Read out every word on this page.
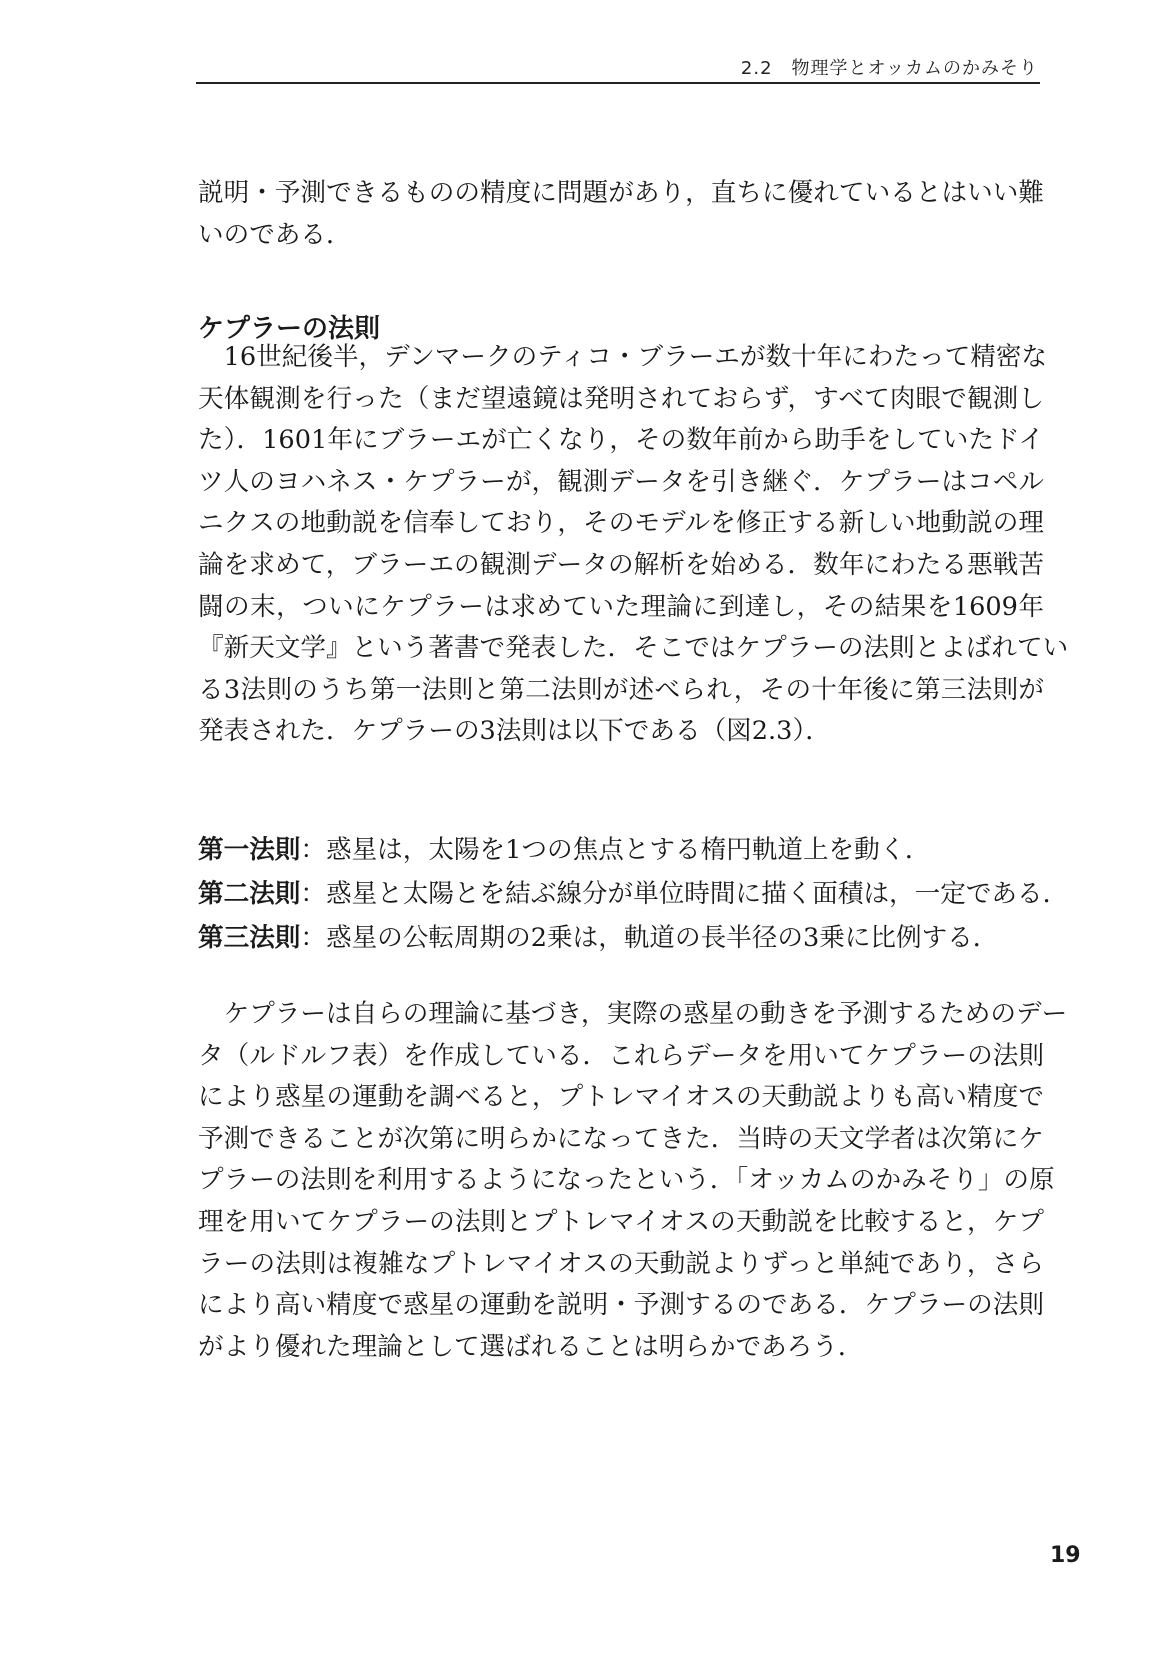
2.2　物理学とオッカムのかみそり

説明・予測できるものの精度に問題があり，直ちに優れているとはいい難
いのである．

ケプラーの法則

　16世紀後半，デンマークのティコ・ブラーエが数十年にわたって精密な
天体観測を行った（まだ望遠鏡は発明されておらず，すべて肉眼で観測し
た）．1601年にブラーエが亡くなり，その数年前から助手をしていたドイ
ツ人のヨハネス・ケプラーが，観測データを引き継ぐ．ケプラーはコペル
ニクスの地動説を信奉しており，そのモデルを修正する新しい地動説の理
論を求めて，ブラーエの観測データの解析を始める．数年にわたる悪戦苦
闘の末，ついにケプラーは求めていた理論に到達し，その結果を1609年
『新天文学』という著書で発表した．そこではケプラーの法則とよばれてい
る3法則のうち第一法則と第二法則が述べられ，その十年後に第三法則が
発表された．ケプラーの3法則は以下である（図2.3）．

第一法則：惑星は，太陽を1つの焦点とする楕円軌道上を動く．
第二法則：惑星と太陽とを結ぶ線分が単位時間に描く面積は，一定である．
第三法則：惑星の公転周期の2乗は，軌道の長半径の3乗に比例する．

　ケプラーは自らの理論に基づき，実際の惑星の動きを予測するためのデー
タ（ルドルフ表）を作成している．これらデータを用いてケプラーの法則
により惑星の運動を調べると，プトレマイオスの天動説よりも高い精度で
予測できることが次第に明らかになってきた．当時の天文学者は次第にケ
プラーの法則を利用するようになったという．「オッカムのかみそり」の原
理を用いてケプラーの法則とプトレマイオスの天動説を比較すると，ケプ
ラーの法則は複雑なプトレマイオスの天動説よりずっと単純であり，さら
により高い精度で惑星の運動を説明・予測するのである．ケプラーの法則
がより優れた理論として選ばれることは明らかであろう．

19
